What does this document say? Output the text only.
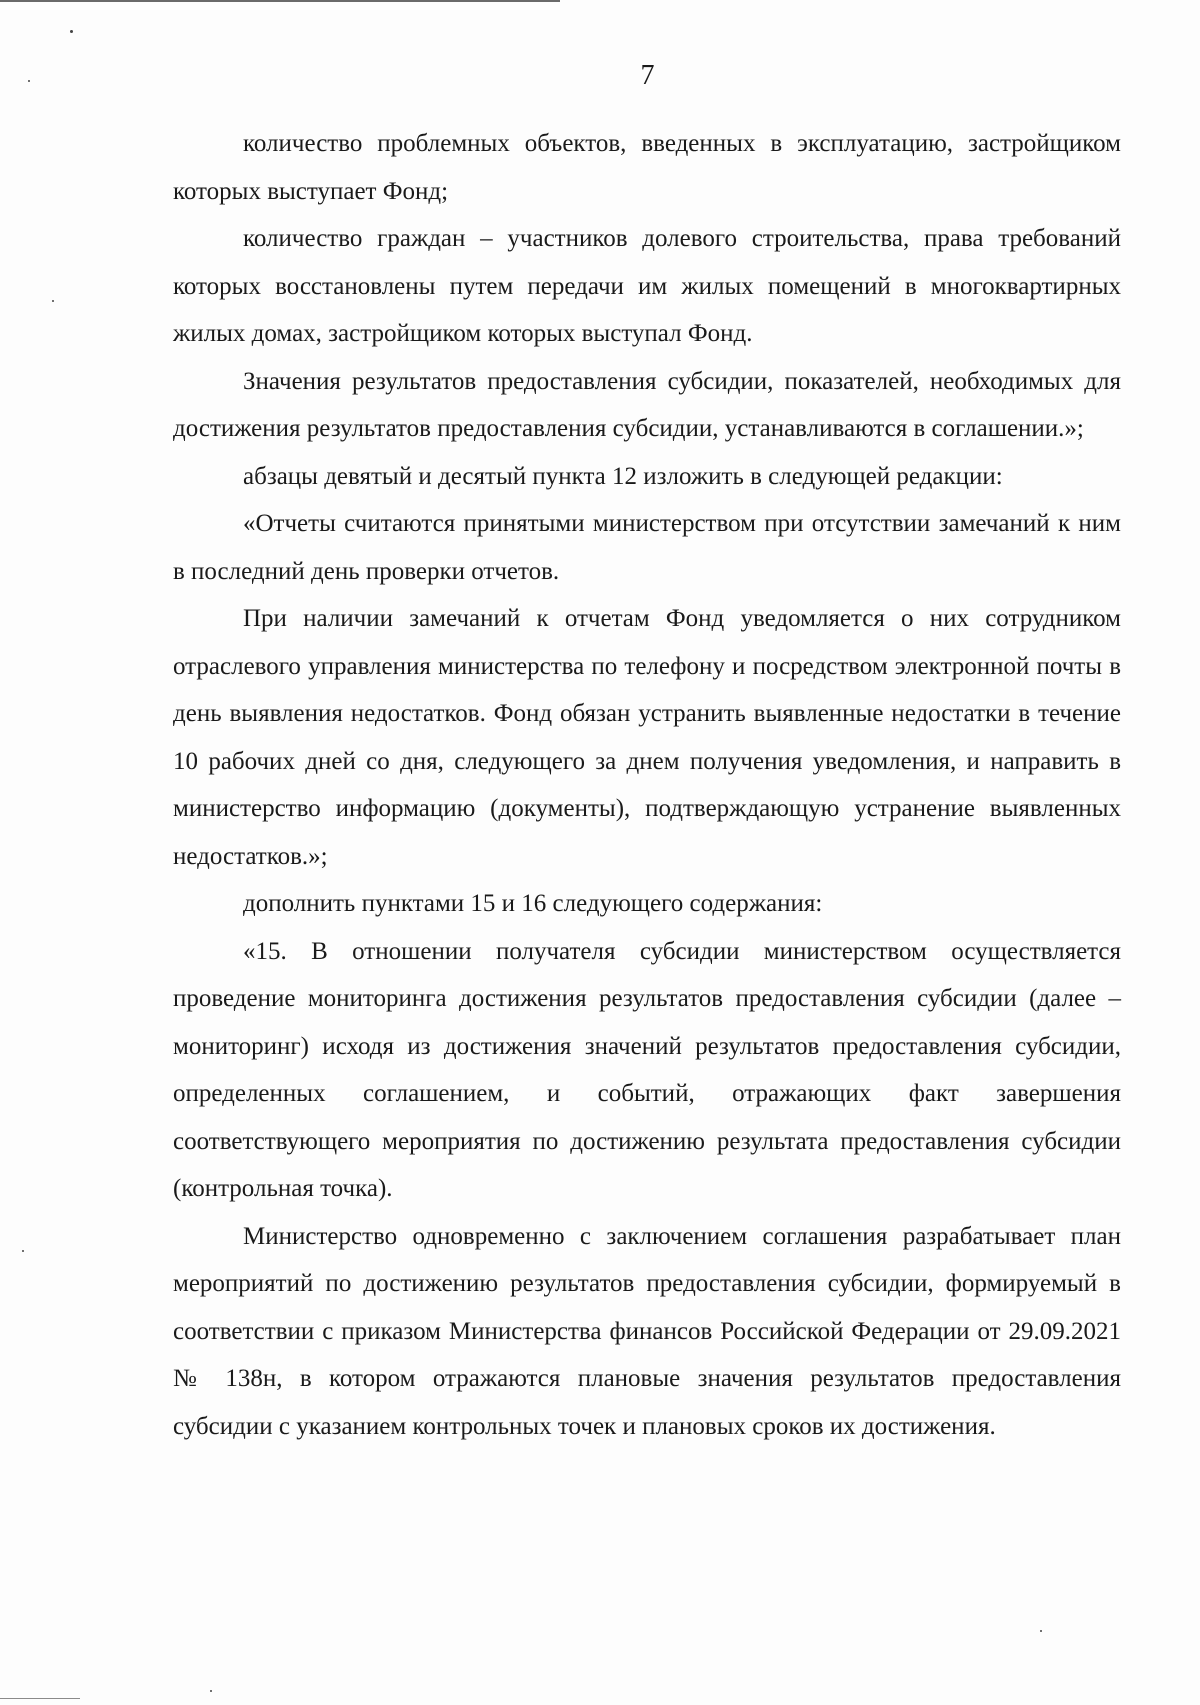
7

количество проблемных объектов, введенных в эксплуатацию, застройщиком которых выступает Фонд;

количество граждан – участников долевого строительства, права требований которых восстановлены путем передачи им жилых помещений в многоквартирных жилых домах, застройщиком которых выступал Фонд.

Значения результатов предоставления субсидии, показателей, необходимых для достижения результатов предоставления субсидии, устанавливаются в соглашении.»;

абзацы девятый и десятый пункта 12 изложить в следующей редакции:

«Отчеты считаются принятыми министерством при отсутствии замечаний к ним в последний день проверки отчетов.

При наличии замечаний к отчетам Фонд уведомляется о них сотрудником отраслевого управления министерства по телефону и посредством электронной почты в день выявления недостатков. Фонд обязан устранить выявленные недостатки в течение 10 рабочих дней со дня, следующего за днем получения уведомления, и направить в министерство информацию (документы), подтверждающую устранение выявленных недостатков.»;

дополнить пунктами 15 и 16 следующего содержания:

«15. В отношении получателя субсидии министерством осуществляется проведение мониторинга достижения результатов предоставления субсидии (далее – мониторинг) исходя из достижения значений результатов предоставления субсидии, определенных соглашением, и событий, отражающих факт завершения соответствующего мероприятия по достижению результата предоставления субсидии (контрольная точка).

Министерство одновременно с заключением соглашения разрабатывает план мероприятий по достижению результатов предоставления субсидии, формируемый в соответствии с приказом Министерства финансов Российской Федерации от 29.09.2021 № 138н, в котором отражаются плановые значения результатов предоставления субсидии с указанием контрольных точек и плановых сроков их достижения.
